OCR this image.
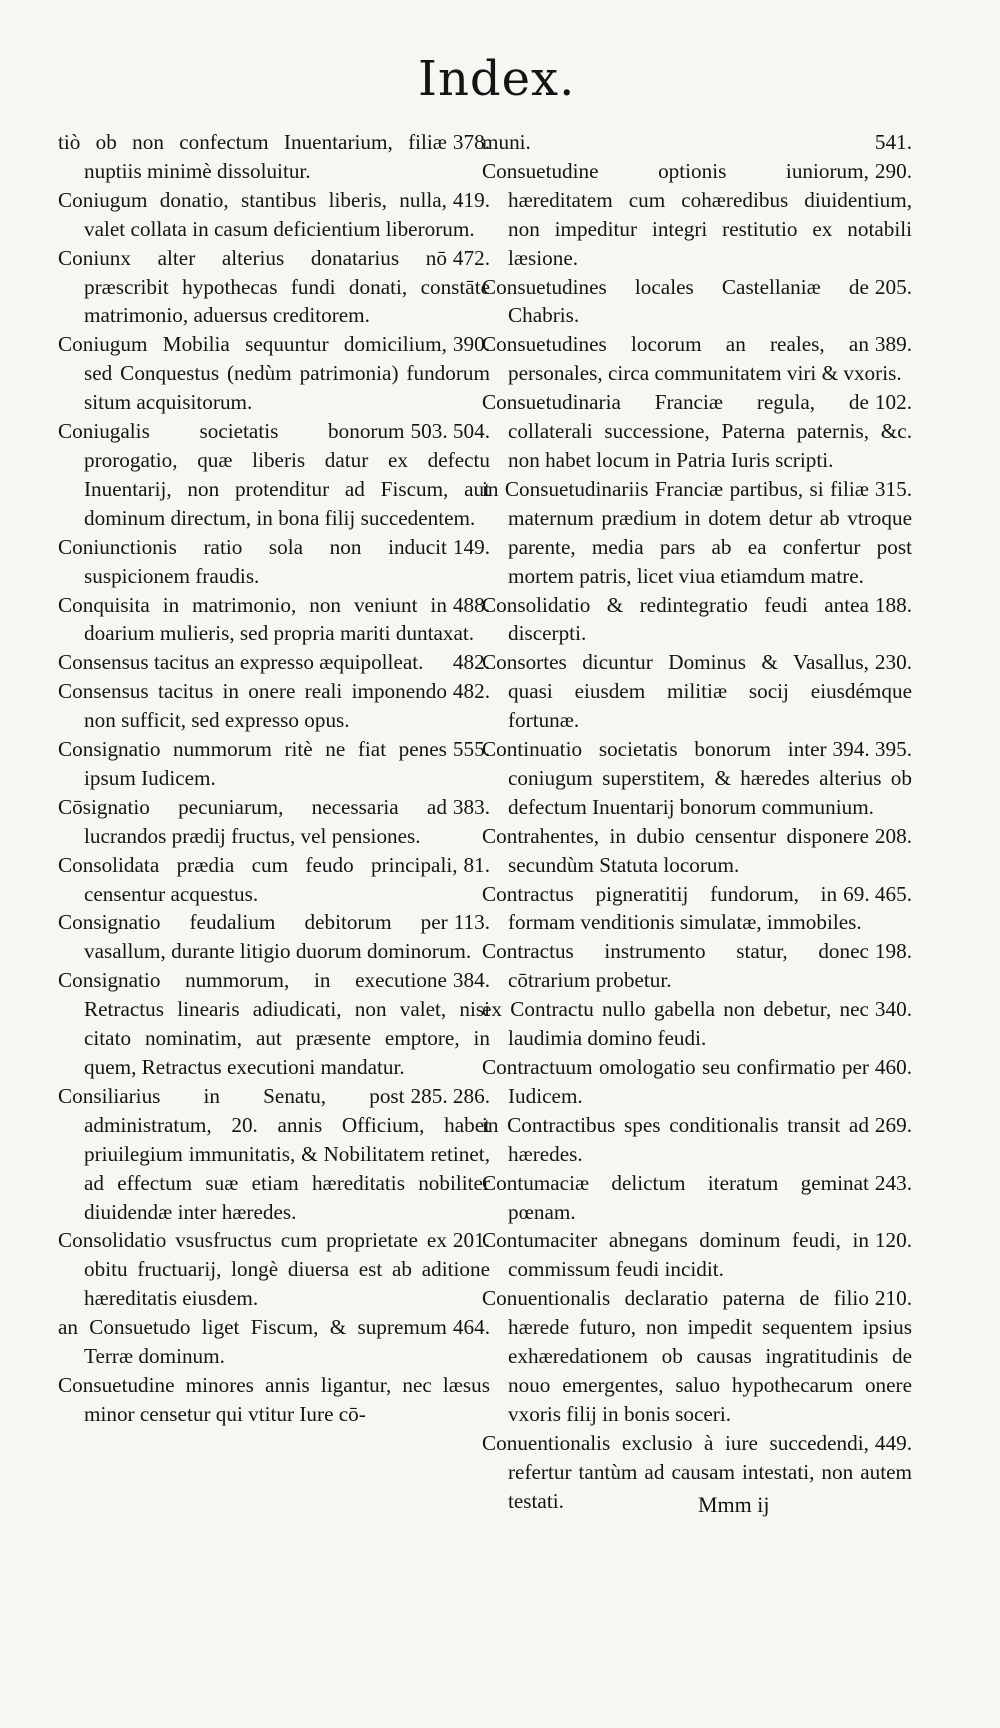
Index.

378.
tiò ob non confectum Inuentarium, filiæ nuptiis minimè dissoluitur.

419.
Coniugum donatio, stantibus liberis, nulla, valet collata in casum deficientium liberorum.

472.
Coniunx alter alterius donatarius nō præscribit hypothecas fundi donati, constāte matrimonio, aduersus creditorem.

390.
Coniugum Mobilia sequuntur domicilium, sed Conquestus (nedùm patrimonia) fundorum situm acquisitorum.

503. 504.
Coniugalis societatis bonorum prorogatio, quæ liberis datur ex defectu Inuentarij, non protenditur ad Fiscum, aut dominum directum, in bona filij succedentem.

149.
Coniunctionis ratio sola non inducit suspicionem fraudis.

488.
Conquisita in matrimonio, non veniunt in doarium mulieris, sed propria mariti duntaxat.

482.
Consensus tacitus an expresso æquipolleat.

482.
Consensus tacitus in onere reali imponendo non sufficit, sed expresso opus.

555.
Consignatio nummorum ritè ne fiat penes ipsum Iudicem.

383.
Cōsignatio pecuniarum, necessaria ad lucrandos prædij fructus, vel pensiones.

81.
Consolidata prædia cum feudo principali, censentur acquestus.

113.
Consignatio feudalium debitorum per vasallum, durante litigio duorum dominorum.

384.
Consignatio nummorum, in executione Retractus linearis adiudicati, non valet, nisi citato nominatim, aut præsente emptore, in quem, Retractus executioni mandatur.

285. 286.
Consiliarius in Senatu, post administratum, 20. annis Officium, habet priuilegium immunitatis, & Nobilitatem retinet, ad effectum suæ etiam hæreditatis nobiliter diuidendæ inter hæredes.

201.
Consolidatio vsusfructus cum proprietate ex obitu fructuarij, longè diuersa est ab aditione hæreditatis eiusdem.

464.
an Consuetudo liget Fiscum, & supremum Terræ dominum.

Consuetudine minores annis ligantur, nec læsus minor censetur qui vtitur Iure cō-

541.
muni.

290.
Consuetudine optionis iuniorum, hæreditatem cum cohæredibus diuidentium, non impeditur integri restitutio ex notabili læsione.

205.
Consuetudines locales Castellaniæ de Chabris.

389.
Consuetudines locorum an reales, an personales, circa communitatem viri & vxoris.

102.
Consuetudinaria Franciæ regula, de collaterali successione, Paterna paternis, &c. non habet locum in Patria Iuris scripti.

315.
in Consuetudinariis Franciæ partibus, si filiæ maternum prædium in dotem detur ab vtroque parente, media pars ab ea confertur post mortem patris, licet viua etiamdum matre.

188.
Consolidatio & redintegratio feudi antea discerpti.

230.
Consortes dicuntur Dominus & Vasallus, quasi eiusdem militiæ socij eiusdémque fortunæ.

394. 395.
Continuatio societatis bonorum inter coniugum superstitem, & hæredes alterius ob defectum Inuentarij bonorum communium.

208.
Contrahentes, in dubio censentur disponere secundùm Statuta locorum.

69. 465.
Contractus pigneratitij fundorum, in formam venditionis simulatæ, immobiles.

198.
Contractus instrumento statur, donec cōtrarium probetur.

340.
ex Contractu nullo gabella non debetur, nec laudimia domino feudi.

460.
Contractuum omologatio seu confirmatio per Iudicem.

269.
in Contractibus spes conditionalis transit ad hæredes.

243.
Contumaciæ delictum iteratum geminat pœnam.

120.
Contumaciter abnegans dominum feudi, in commissum feudi incidit.

210.
Conuentionalis declaratio paterna de filio hærede futuro, non impedit sequentem ipsius exhæredationem ob causas ingratitudinis de nouo emergentes, saluo hypothecarum onere vxoris filij in bonis soceri.

449.
Conuentionalis exclusio à iure succedendi, refertur tantùm ad causam intestati, non autem testati.	Mmm ij
